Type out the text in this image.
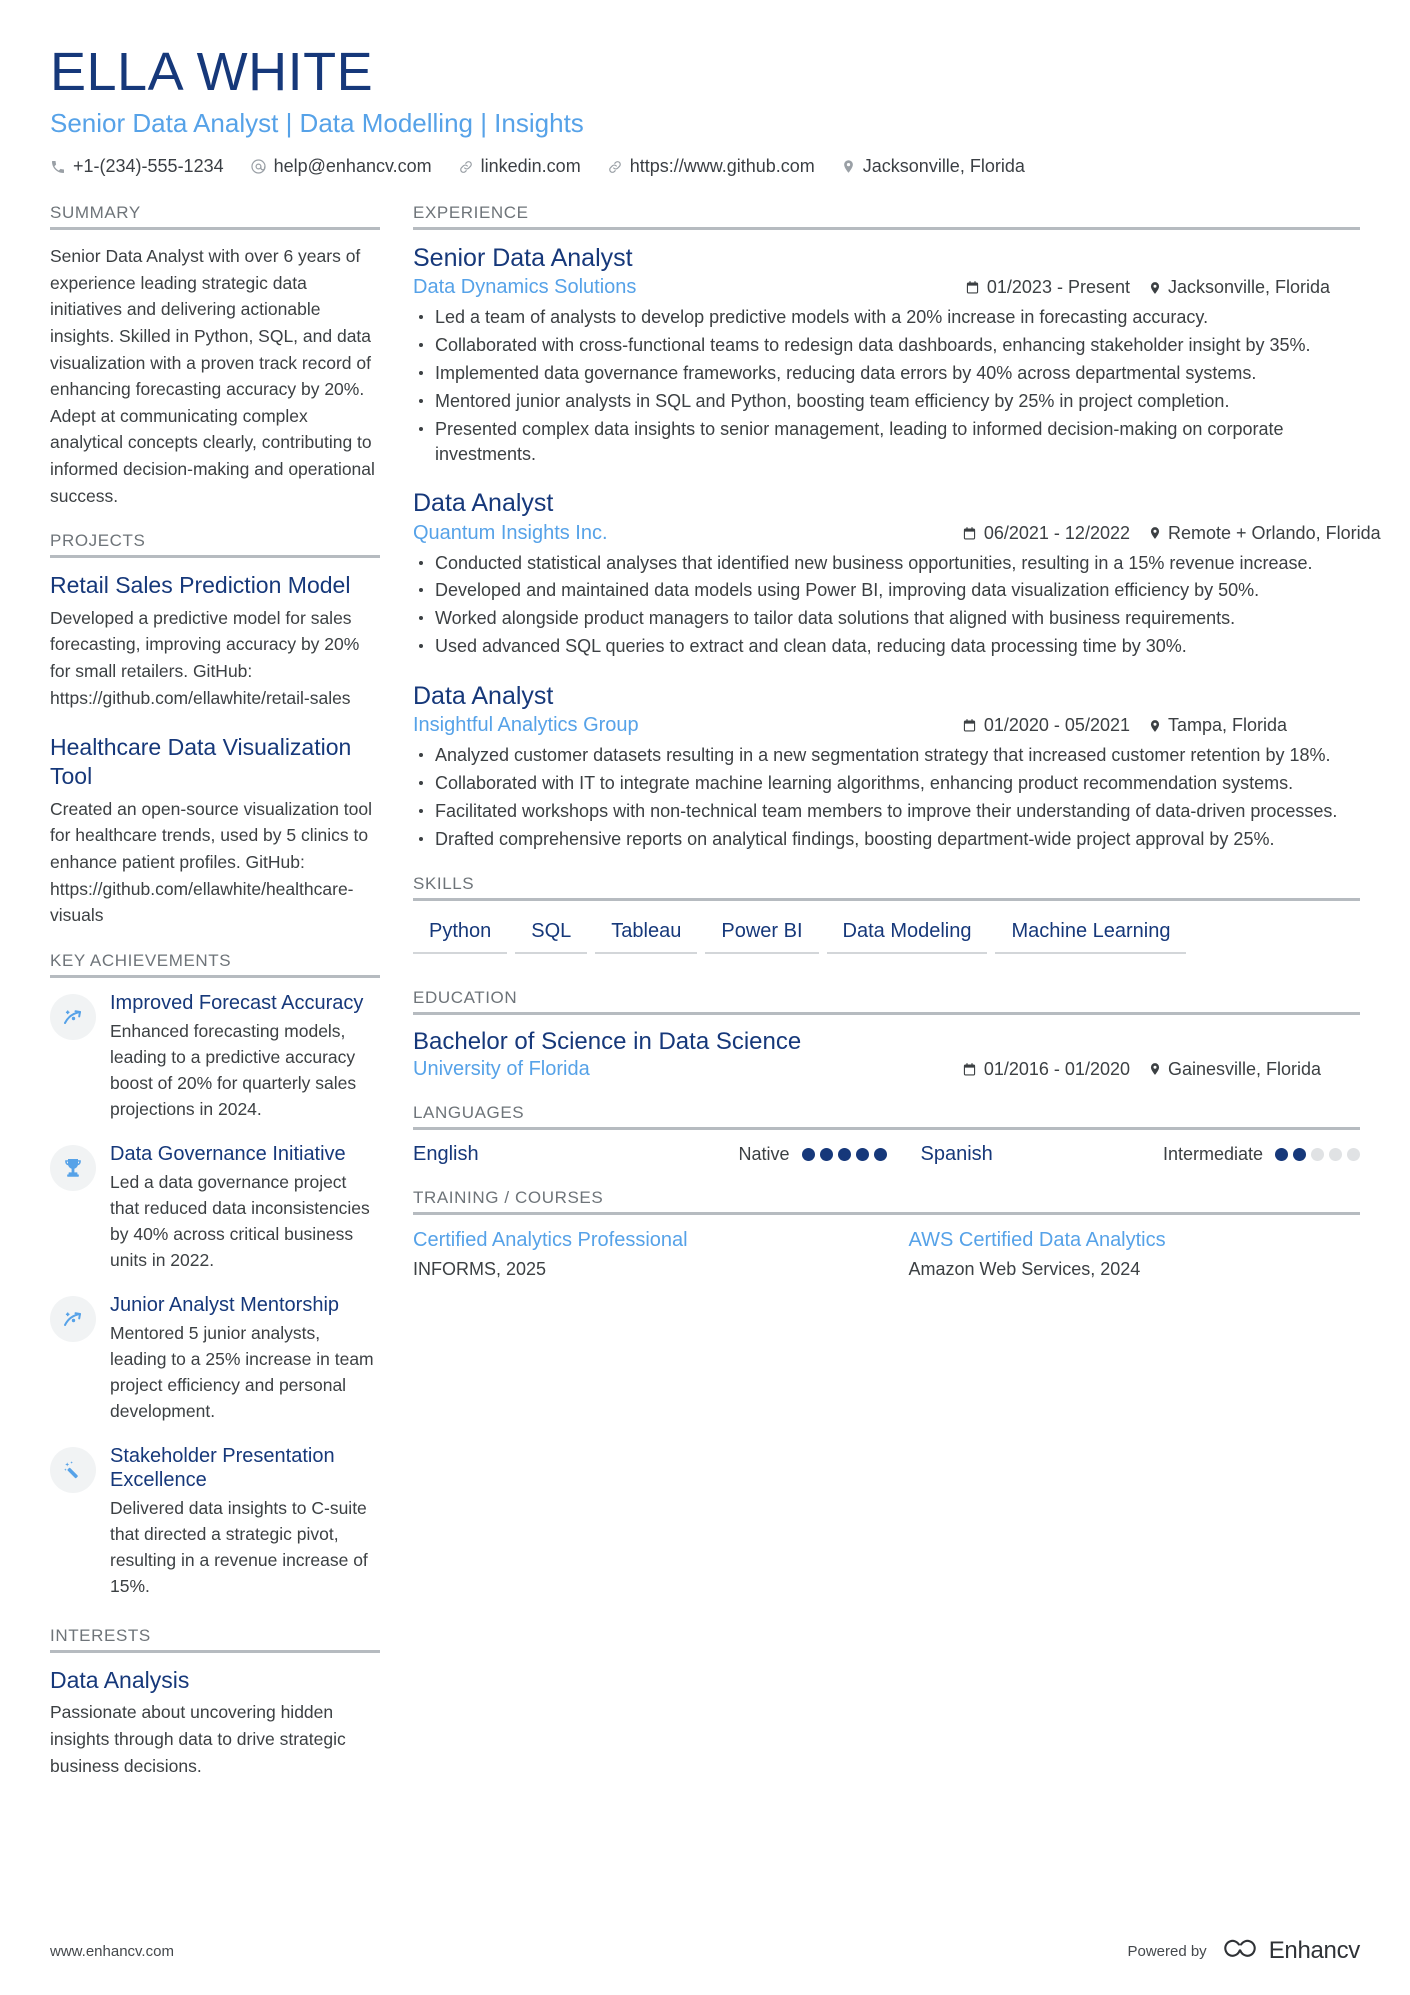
ELLA WHITE
Senior Data Analyst | Data Modelling | Insights
+1-(234)-555-1234	help@enhancv.com	linkedin.com	https://www.github.com	Jacksonville, Florida
SUMMARY
Senior Data Analyst with over 6 years of experience leading strategic data initiatives and delivering actionable insights. Skilled in Python, SQL, and data visualization with a proven track record of enhancing forecasting accuracy by 20%. Adept at communicating complex analytical concepts clearly, contributing to informed decision-making and operational success.
PROJECTS
Retail Sales Prediction Model
Developed a predictive model for sales forecasting, improving accuracy by 20% for small retailers. GitHub: https://github.com/ellawhite/retail-sales
Healthcare Data Visualization Tool
Created an open-source visualization tool for healthcare trends, used by 5 clinics to enhance patient profiles. GitHub: https://github.com/ellawhite/healthcare-visuals
KEY ACHIEVEMENTS
Improved Forecast Accuracy
Enhanced forecasting models, leading to a predictive accuracy boost of 20% for quarterly sales projections in 2024.
Data Governance Initiative
Led a data governance project that reduced data inconsistencies by 40% across critical business units in 2022.
Junior Analyst Mentorship
Mentored 5 junior analysts, leading to a 25% increase in team project efficiency and personal development.
Stakeholder Presentation Excellence
Delivered data insights to C-suite that directed a strategic pivot, resulting in a revenue increase of 15%.
INTERESTS
Data Analysis
Passionate about uncovering hidden insights through data to drive strategic business decisions.
EXPERIENCE
Senior Data Analyst
Data Dynamics Solutions	01/2023 - Present Jacksonville, Florida
Led a team of analysts to develop predictive models with a 20% increase in forecasting accuracy.
Collaborated with cross-functional teams to redesign data dashboards, enhancing stakeholder insight by 35%.
Implemented data governance frameworks, reducing data errors by 40% across departmental systems.
Mentored junior analysts in SQL and Python, boosting team efficiency by 25% in project completion.
Presented complex data insights to senior management, leading to informed decision-making on corporate investments.
Data Analyst
Quantum Insights Inc.	06/2021 - 12/2022 Remote + Orlando, Florida
Conducted statistical analyses that identified new business opportunities, resulting in a 15% revenue increase.
Developed and maintained data models using Power BI, improving data visualization efficiency by 50%.
Worked alongside product managers to tailor data solutions that aligned with business requirements.
Used advanced SQL queries to extract and clean data, reducing data processing time by 30%.
Data Analyst
Insightful Analytics Group	01/2020 - 05/2021 Tampa, Florida
Analyzed customer datasets resulting in a new segmentation strategy that increased customer retention by 18%.
Collaborated with IT to integrate machine learning algorithms, enhancing product recommendation systems.
Facilitated workshops with non-technical team members to improve their understanding of data-driven processes.
Drafted comprehensive reports on analytical findings, boosting department-wide project approval by 25%.
SKILLS
Python	SQL	Tableau	Power BI	Data Modeling	Machine Learning
EDUCATION
Bachelor of Science in Data Science
University of Florida	01/2016 - 01/2020 Gainesville, Florida
LANGUAGES
English	Native	Spanish	Intermediate
TRAINING / COURSES
Certified Analytics Professional
INFORMS, 2025
AWS Certified Data Analytics
Amazon Web Services, 2024
www.enhancv.com	Powered by	Enhancv
